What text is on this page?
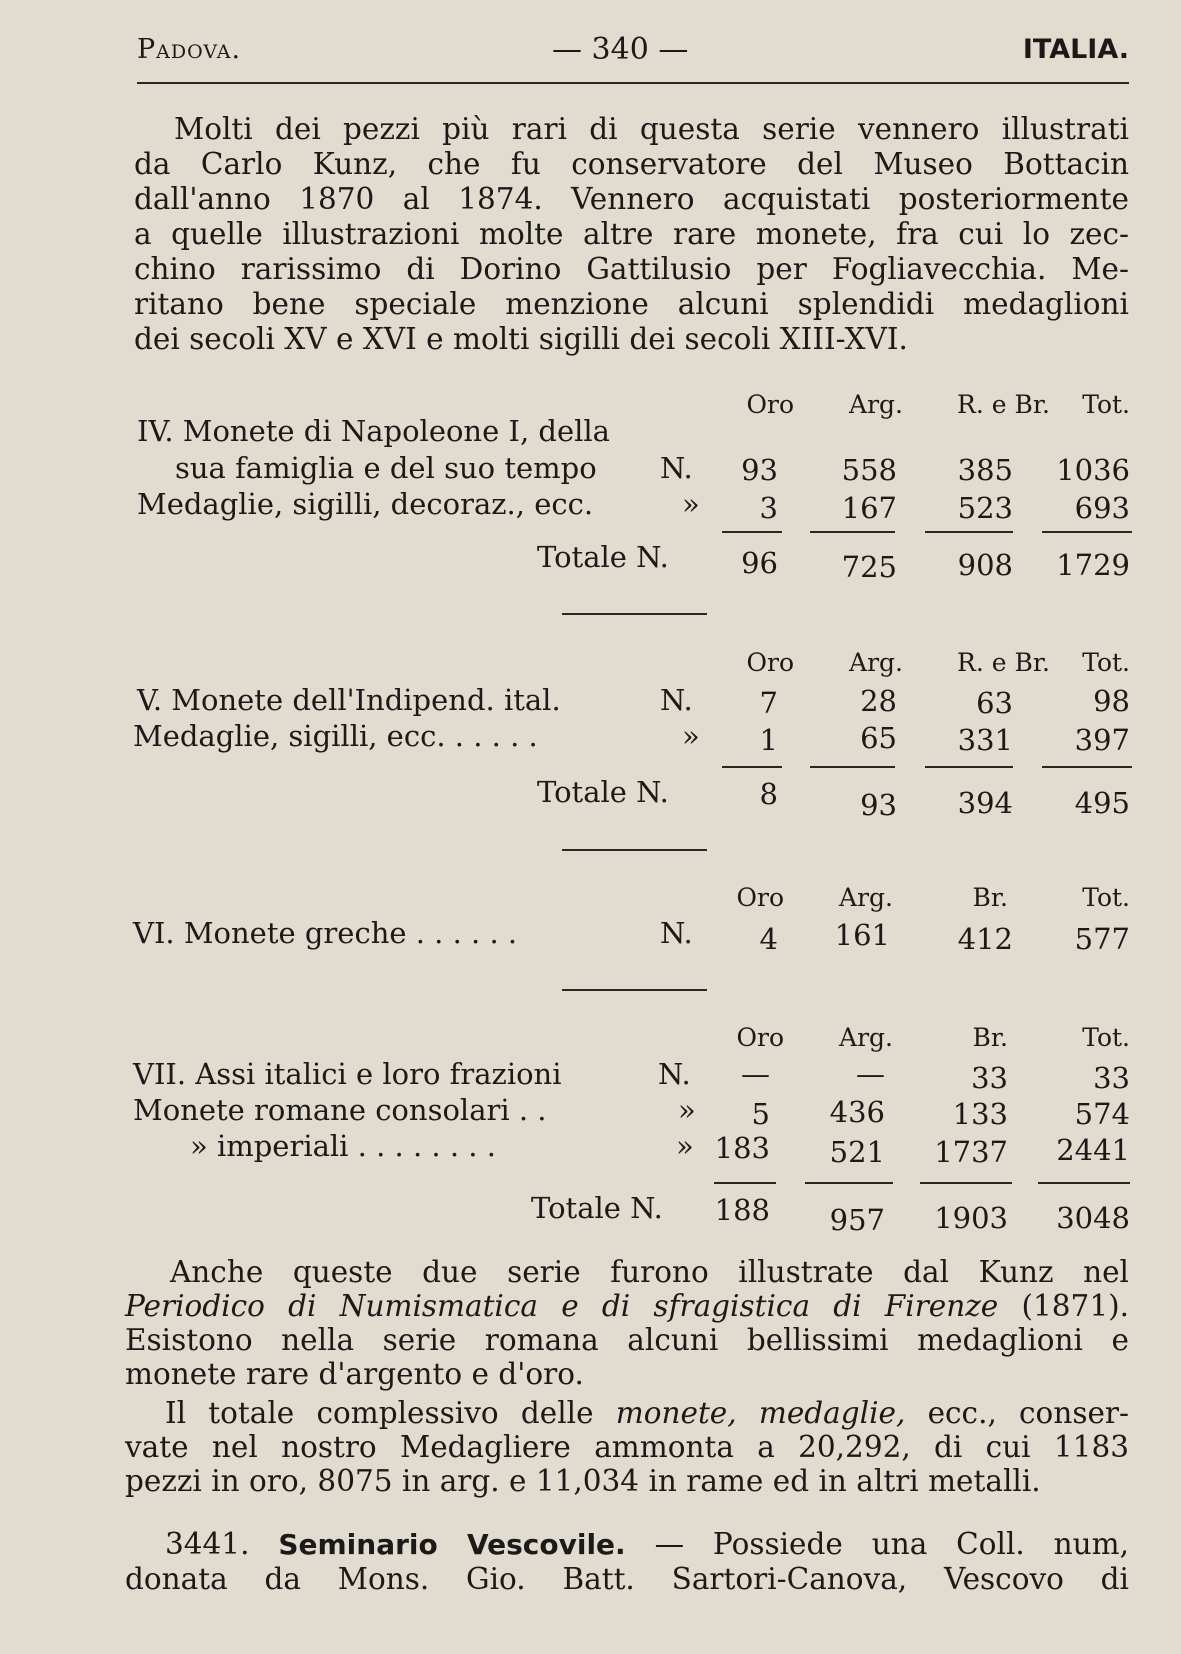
Padova.	— 340 —	ITALIA.
Molti dei pezzi più rari di questa serie vennero illustrati
da Carlo Kunz, che fu conservatore del Museo Bottacin
dall'anno 1870 al 1874. Vennero acquistati posteriormente
a quelle illustrazioni molte altre rare monete, fra cui lo zec-
chino rarissimo di Dorino Gattilusio per Fogliavecchia. Me-
ritano bene speciale menzione alcuni splendidi medaglioni
dei secoli XV e XVI e molti sigilli dei secoli XIII-XVI.
Oro	Arg.	R. e Br.	Tot.
IV. Monete di Napoleone I, della
sua famiglia e del suo tempo N.	93	558	385	1036
Medaglie, sigilli, decoraz., ecc.	»	3	167	523	693
Totale N.	96	725	908	1729
Oro	Arg.	R. e Br.	Tot.
V. Monete dell'Indipend. ital.	N.	7	28	63	98
Medaglie, sigilli, ecc. . . . . .	»	1	65	331	397
Totale N.	8	93	394	495
Oro	Arg.	Br.	Tot.
VI. Monete greche . . . . . .	N.	4	161	412	577
Oro	Arg.	Br.	Tot.
VII. Assi italici e loro frazioni	N.	—	—	33	33
Monete romane consolari . .	»	5	436	133	574
» imperiali . . . . . . . .	» 183	521	1737	2441
Totale N.	188	957	1903	3048
Anche queste due serie furono illustrate dal Kunz nel
Periodico di Numismatica e di sfragistica di Firenze (1871).
Esistono nella serie romana alcuni bellissimi medaglioni e
monete rare d'argento e d'oro.
Il totale complessivo delle monete, medaglie, ecc., conser-
vate nel nostro Medagliere ammonta a 20,292, di cui 1183
pezzi in oro, 8075 in arg. e 11,034 in rame ed in altri metalli.
3441. Seminario Vescovile. — Possiede una Coll. num,
donata da Mons. Gio. Batt. Sartori-Canova, Vescovo di
